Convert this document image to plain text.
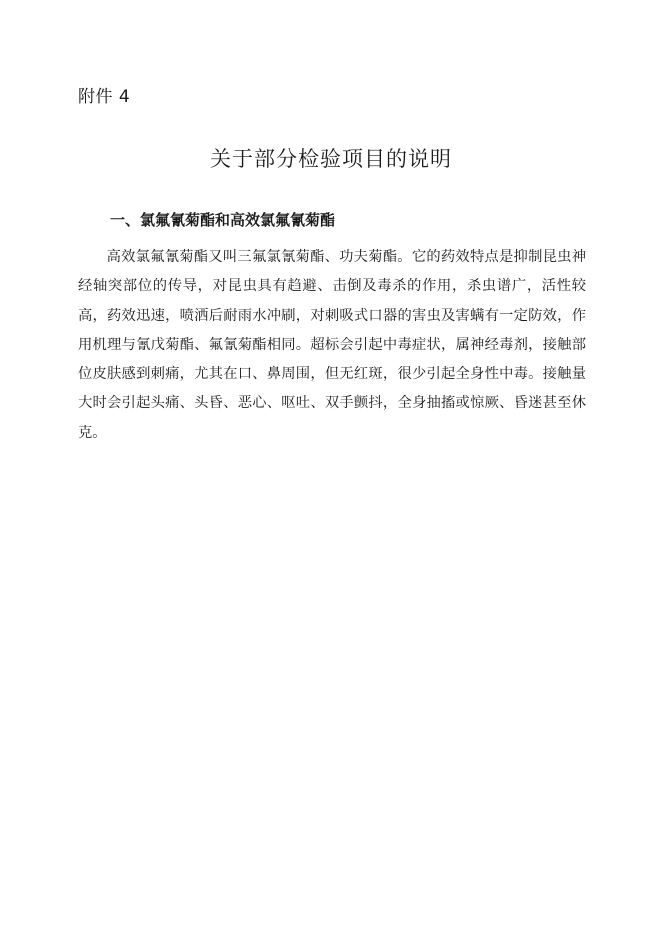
附件 4
关于部分检验项目的说明
一、氯氟氰菊酯和高效氯氟氰菊酯

高效氯氟氰菊酯又叫三氟氯氰菊酯、功夫菊酯。它的药效特点是抑制昆虫神经轴突部位的传导，对昆虫具有趋避、击倒及毒杀的作用，杀虫谱广，活性较高，药效迅速，喷洒后耐雨水冲刷，对刺吸式口器的害虫及害螨有一定防效，作用机理与氰戊菊酯、氟氰菊酯相同。超标会引起中毒症状，属神经毒剂，接触部位皮肤感到刺痛，尤其在口、鼻周围，但无红斑，很少引起全身性中毒。接触量大时会引起头痛、头昏、恶心、呕吐、双手颤抖，全身抽搐或惊厥、昏迷甚至休克。
